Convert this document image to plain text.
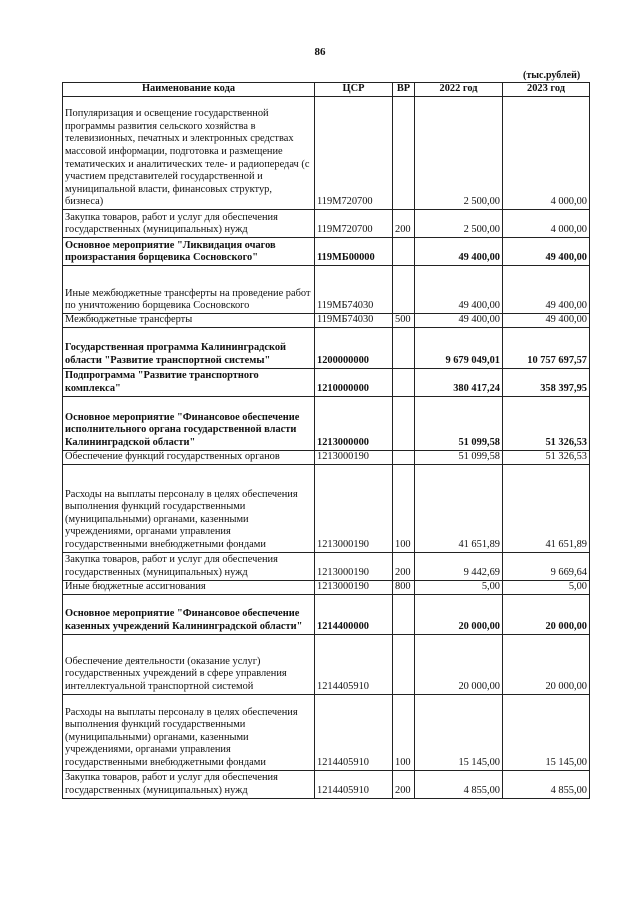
86
(тыс.рублей)
Наименование кода	ЦСР	ВР	2022 год	2023 год
Популяризация и освещение государственной программы развития сельского хозяйства в телевизионных, печатных и электронных средствах массовой информации, подготовка и размещение тематических и аналитических теле- и радиопередач (с участием представителей государственной и муниципальной власти, финансовых структур, бизнеса)	119М720700		2 500,00	4 000,00
Закупка товаров, работ и услуг для обеспечения государственных (муниципальных) нужд	119М720700	200	2 500,00	4 000,00
Основное мероприятие "Ликвидация очагов произрастания борщевика Сосновского"	119МБ00000		49 400,00	49 400,00
Иные межбюджетные трансферты на проведение работ по уничтожению борщевика Сосновского	119МБ74030		49 400,00	49 400,00
Межбюджетные трансферты	119МБ74030	500	49 400,00	49 400,00
Государственная программа Калининградской области "Развитие транспортной системы"	1200000000		9 679 049,01	10 757 697,57
Подпрограмма "Развитие транспортного комплекса"	1210000000		380 417,24	358 397,95
Основное мероприятие "Финансовое обеспечение исполнительного органа государственной власти Калининградской области"	1213000000		51 099,58	51 326,53
Обеспечение функций государственных органов	1213000190		51 099,58	51 326,53
Расходы на выплаты персоналу в целях обеспечения выполнения функций государственными (муниципальными) органами, казенными учреждениями, органами управления государственными внебюджетными фондами	1213000190	100	41 651,89	41 651,89
Закупка товаров, работ и услуг для обеспечения государственных (муниципальных) нужд	1213000190	200	9 442,69	9 669,64
Иные бюджетные ассигнования	1213000190	800	5,00	5,00
Основное мероприятие "Финансовое обеспечение казенных учреждений Калининградской области"	1214400000		20 000,00	20 000,00
Обеспечение деятельности (оказание услуг) государственных учреждений в сфере управления интеллектуальной транспортной системой	1214405910		20 000,00	20 000,00
Расходы на выплаты персоналу в целях обеспечения выполнения функций государственными (муниципальными) органами, казенными учреждениями, органами управления государственными внебюджетными фондами	1214405910	100	15 145,00	15 145,00
Закупка товаров, работ и услуг для обеспечения государственных (муниципальных) нужд	1214405910	200	4 855,00	4 855,00
